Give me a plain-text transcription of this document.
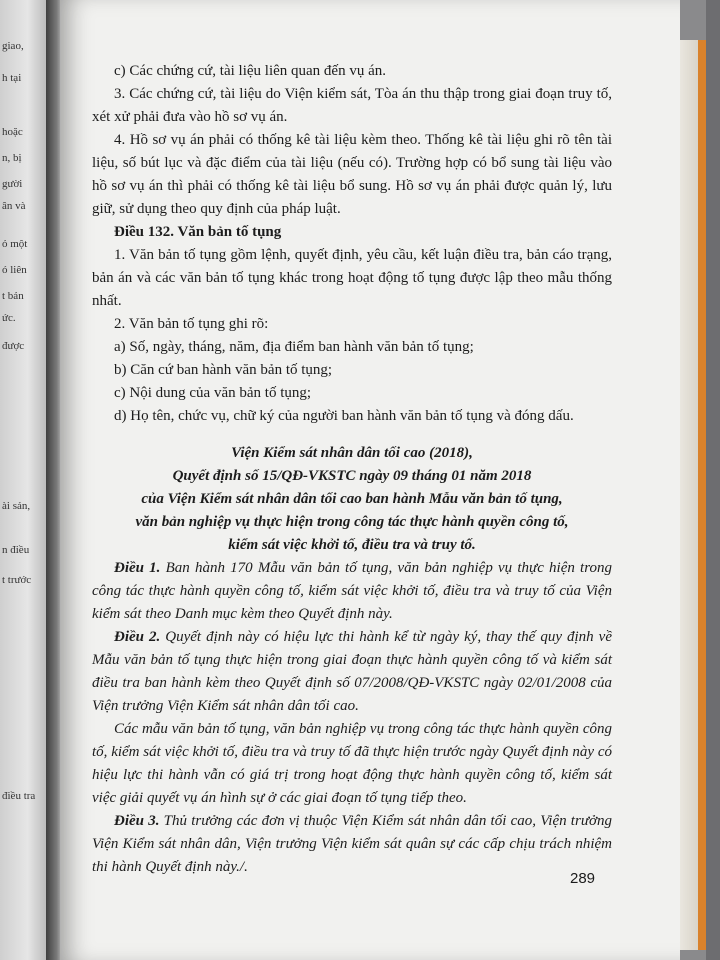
giao,
h tại
hoặc
n, bị
gười
ân và
ỏ một
ó liên
t bản
ức.
được
ài sản,
n điều
t trước
điều tra

c) Các chứng cứ, tài liệu liên quan đến vụ án.

3. Các chứng cứ, tài liệu do Viện kiểm sát, Tòa án thu thập trong giai đoạn truy tố, xét xử phải đưa vào hồ sơ vụ án.

4. Hồ sơ vụ án phải có thống kê tài liệu kèm theo. Thống kê tài liệu ghi rõ tên tài liệu, số bút lục và đặc điểm của tài liệu (nếu có). Trường hợp có bổ sung tài liệu vào hồ sơ vụ án thì phải có thống kê tài liệu bổ sung. Hồ sơ vụ án phải được quản lý, lưu giữ, sử dụng theo quy định của pháp luật.

Điều 132. Văn bản tố tụng

1. Văn bản tố tụng gồm lệnh, quyết định, yêu cầu, kết luận điều tra, bản cáo trạng, bản án và các văn bản tố tụng khác trong hoạt động tố tụng được lập theo mẫu thống nhất.

2. Văn bản tố tụng ghi rõ:

a) Số, ngày, tháng, năm, địa điểm ban hành văn bản tố tụng;

b) Căn cứ ban hành văn bản tố tụng;

c) Nội dung của văn bản tố tụng;

d) Họ tên, chức vụ, chữ ký của người ban hành văn bản tố tụng và đóng dấu.

Viện Kiểm sát nhân dân tối cao (2018),
Quyết định số 15/QĐ-VKSTC ngày 09 tháng 01 năm 2018
của Viện Kiểm sát nhân dân tối cao ban hành Mẫu văn bản tố tụng,
văn bản nghiệp vụ thực hiện trong công tác thực hành quyền công tố,
kiểm sát việc khởi tố, điều tra và truy tố.

Điều 1. Ban hành 170 Mẫu văn bản tố tụng, văn bản nghiệp vụ thực hiện trong công tác thực hành quyền công tố, kiểm sát việc khởi tố, điều tra và truy tố của Viện kiểm sát theo Danh mục kèm theo Quyết định này.

Điều 2. Quyết định này có hiệu lực thi hành kể từ ngày ký, thay thế quy định về Mẫu văn bản tố tụng thực hiện trong giai đoạn thực hành quyền công tố và kiểm sát điều tra ban hành kèm theo Quyết định số 07/2008/QĐ-VKSTC ngày 02/01/2008 của Viện trưởng Viện Kiểm sát nhân dân tối cao.

Các mẫu văn bản tố tụng, văn bản nghiệp vụ trong công tác thực hành quyền công tố, kiểm sát việc khởi tố, điều tra và truy tố đã thực hiện trước ngày Quyết định này có hiệu lực thi hành vẫn có giá trị trong hoạt động thực hành quyền công tố, kiểm sát việc giải quyết vụ án hình sự ở các giai đoạn tố tụng tiếp theo.

Điều 3. Thủ trưởng các đơn vị thuộc Viện Kiểm sát nhân dân tối cao, Viện trưởng Viện Kiểm sát nhân dân, Viện trưởng Viện kiểm sát quân sự các cấp chịu trách nhiệm thi hành Quyết định này./.

289
